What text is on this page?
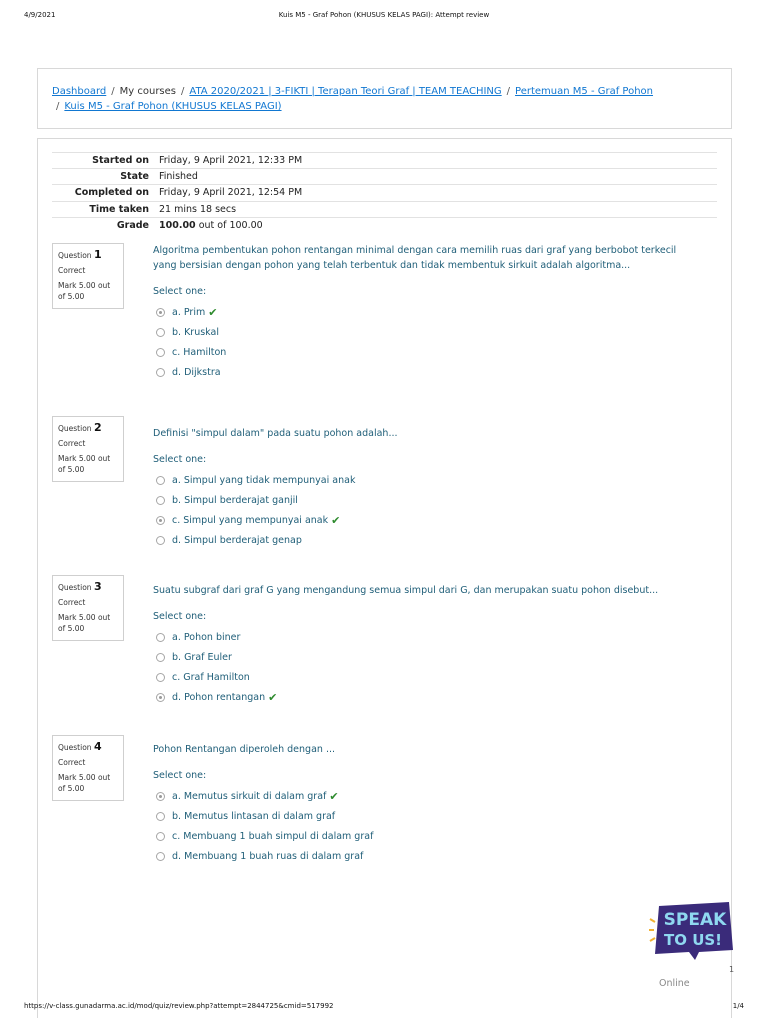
4/9/2021	Kuis M5 - Graf Pohon (KHUSUS KELAS PAGI): Attempt review
Dashboard / My courses / ATA 2020/2021 | 3-FIKTI | Terapan Teori Graf | TEAM TEACHING / Pertemuan M5 - Graf Pohon
/ Kuis M5 - Graf Pohon (KHUSUS KELAS PAGI)
Started on	Friday, 9 April 2021, 12:33 PM
State	Finished
Completed on	Friday, 9 April 2021, 12:54 PM
Time taken	21 mins 18 secs
Grade	100.00 out of 100.00
Question 1
Correct
Mark 5.00 out of 5.00
Algoritma pembentukan pohon rentangan minimal dengan cara memilih ruas dari graf yang berbobot terkecil yang bersisian dengan pohon yang telah terbentuk dan tidak membentuk sirkuit adalah algoritma...
Select one:
a. Prim ✔
b. Kruskal
c. Hamilton
d. Dijkstra
Question 2
Correct
Mark 5.00 out of 5.00
Definisi "simpul dalam" pada suatu pohon adalah...
Select one:
a. Simpul yang tidak mempunyai anak
b. Simpul berderajat ganjil
c. Simpul yang mempunyai anak ✔
d. Simpul berderajat genap
Question 3
Correct
Mark 5.00 out of 5.00
Suatu subgraf dari graf G yang mengandung semua simpul dari G, dan merupakan suatu pohon disebut...
Select one:
a. Pohon biner
b. Graf Euler
c. Graf Hamilton
d. Pohon rentangan ✔
Question 4
Correct
Mark 5.00 out of 5.00
Pohon Rentangan diperoleh dengan ...
Select one:
a. Memutus sirkuit di dalam graf ✔
b. Memutus lintasan di dalam graf
c. Membuang 1 buah simpul di dalam graf
d. Membuang 1 buah ruas di dalam graf
SPEAK
TO US!
1
Online
https://v-class.gunadarma.ac.id/mod/quiz/review.php?attempt=2844725&cmid=517992	1/4
